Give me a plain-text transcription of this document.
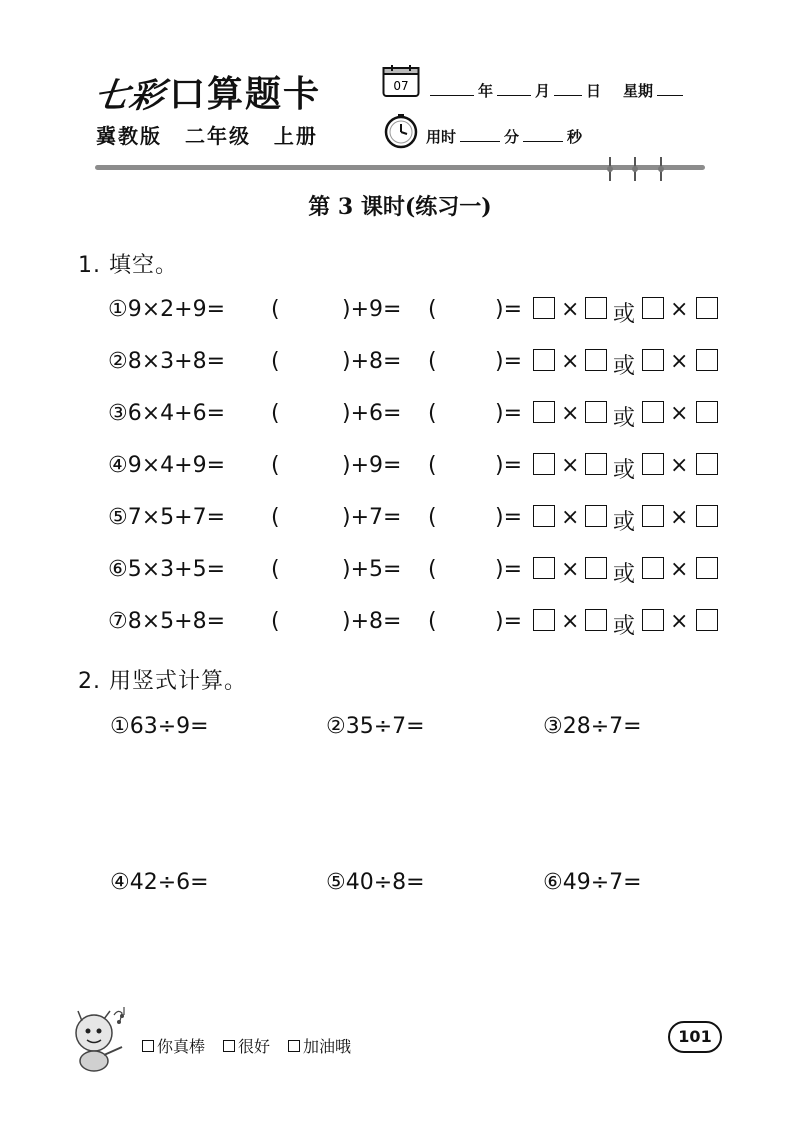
七彩 口算题卡
冀教版 二年级 上册
07	年	月 日 星期
用时	分	秒
第 3 课时(练习一)
1. 填空。
①9×2+9= (	)+9= (	)= × 或 ×
②8×3+8= (	)+8= (	)= × 或 ×
③6×4+6= (	)+6= (	)= × 或 ×
④9×4+9= (	)+9= (	)= × 或 ×
⑤7×5+7= (	)+7= (	)= × 或 ×
⑥5×3+5= (	)+5= (	)= × 或 ×
⑦8×5+8= (	)+8= (	)= × 或 ×
2. 用竖式计算。
①63÷9=	②35÷7=	③28÷7=
④42÷6=	⑤40÷8=	⑥49÷7=
你真棒 很好 加油哦
101
